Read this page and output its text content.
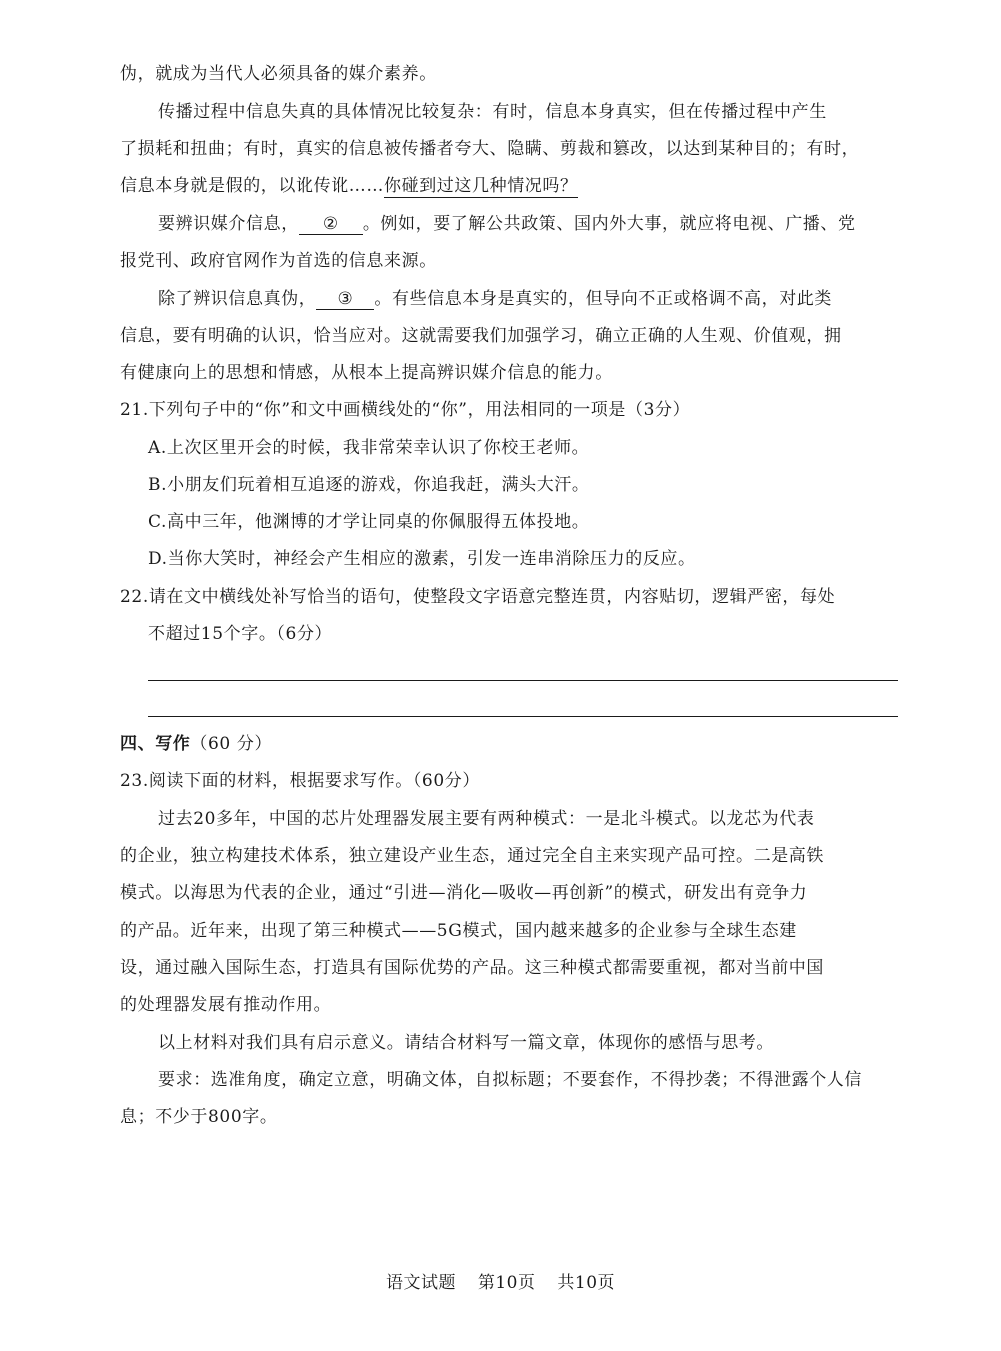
伪，就成为当代人必须具备的媒介素养。
传播过程中信息失真的具体情况比较复杂：有时，信息本身真实，但在传播过程中产生
了损耗和扭曲；有时，真实的信息被传播者夸大、隐瞒、剪裁和篡改，以达到某种目的；有时，
信息本身就是假的，以讹传讹……你碰到过这几种情况吗？
要辨识媒介信息， ② 。例如，要了解公共政策、国内外大事，就应将电视、广播、党
报党刊、政府官网作为首选的信息来源。
除了辨识信息真伪， ③ 。有些信息本身是真实的，但导向不正或格调不高，对此类
信息，要有明确的认识，恰当应对。这就需要我们加强学习，确立正确的人生观、价值观，拥
有健康向上的思想和情感，从根本上提高辨识媒介信息的能力。
21.下列句子中的“你”和文中画横线处的“你”，用法相同的一项是（3分）
A.上次区里开会的时候，我非常荣幸认识了你校王老师。
B.小朋友们玩着相互追逐的游戏，你追我赶，满头大汗。
C.高中三年，他渊博的才学让同桌的你佩服得五体投地。
D.当你大笑时，神经会产生相应的激素，引发一连串消除压力的反应。
22.请在文中横线处补写恰当的语句，使整段文字语意完整连贯，内容贴切，逻辑严密，每处
不超过15个字。（6分）
四、写作（60 分）
23.阅读下面的材料，根据要求写作。（60分）
过去20多年，中国的芯片处理器发展主要有两种模式：一是北斗模式。以龙芯为代表
的企业，独立构建技术体系，独立建设产业生态，通过完全自主来实现产品可控。二是高铁
模式。以海思为代表的企业，通过“引进—消化—吸收—再创新”的模式，研发出有竞争力
的产品。近年来，出现了第三种模式——5G模式，国内越来越多的企业参与全球生态建
设，通过融入国际生态，打造具有国际优势的产品。这三种模式都需要重视，都对当前中国
的处理器发展有推动作用。
以上材料对我们具有启示意义。请结合材料写一篇文章，体现你的感悟与思考。
要求：选准角度，确定立意，明确文体，自拟标题；不要套作，不得抄袭；不得泄露个人信
息；不少于800字。
语文试题 第10页 共10页
